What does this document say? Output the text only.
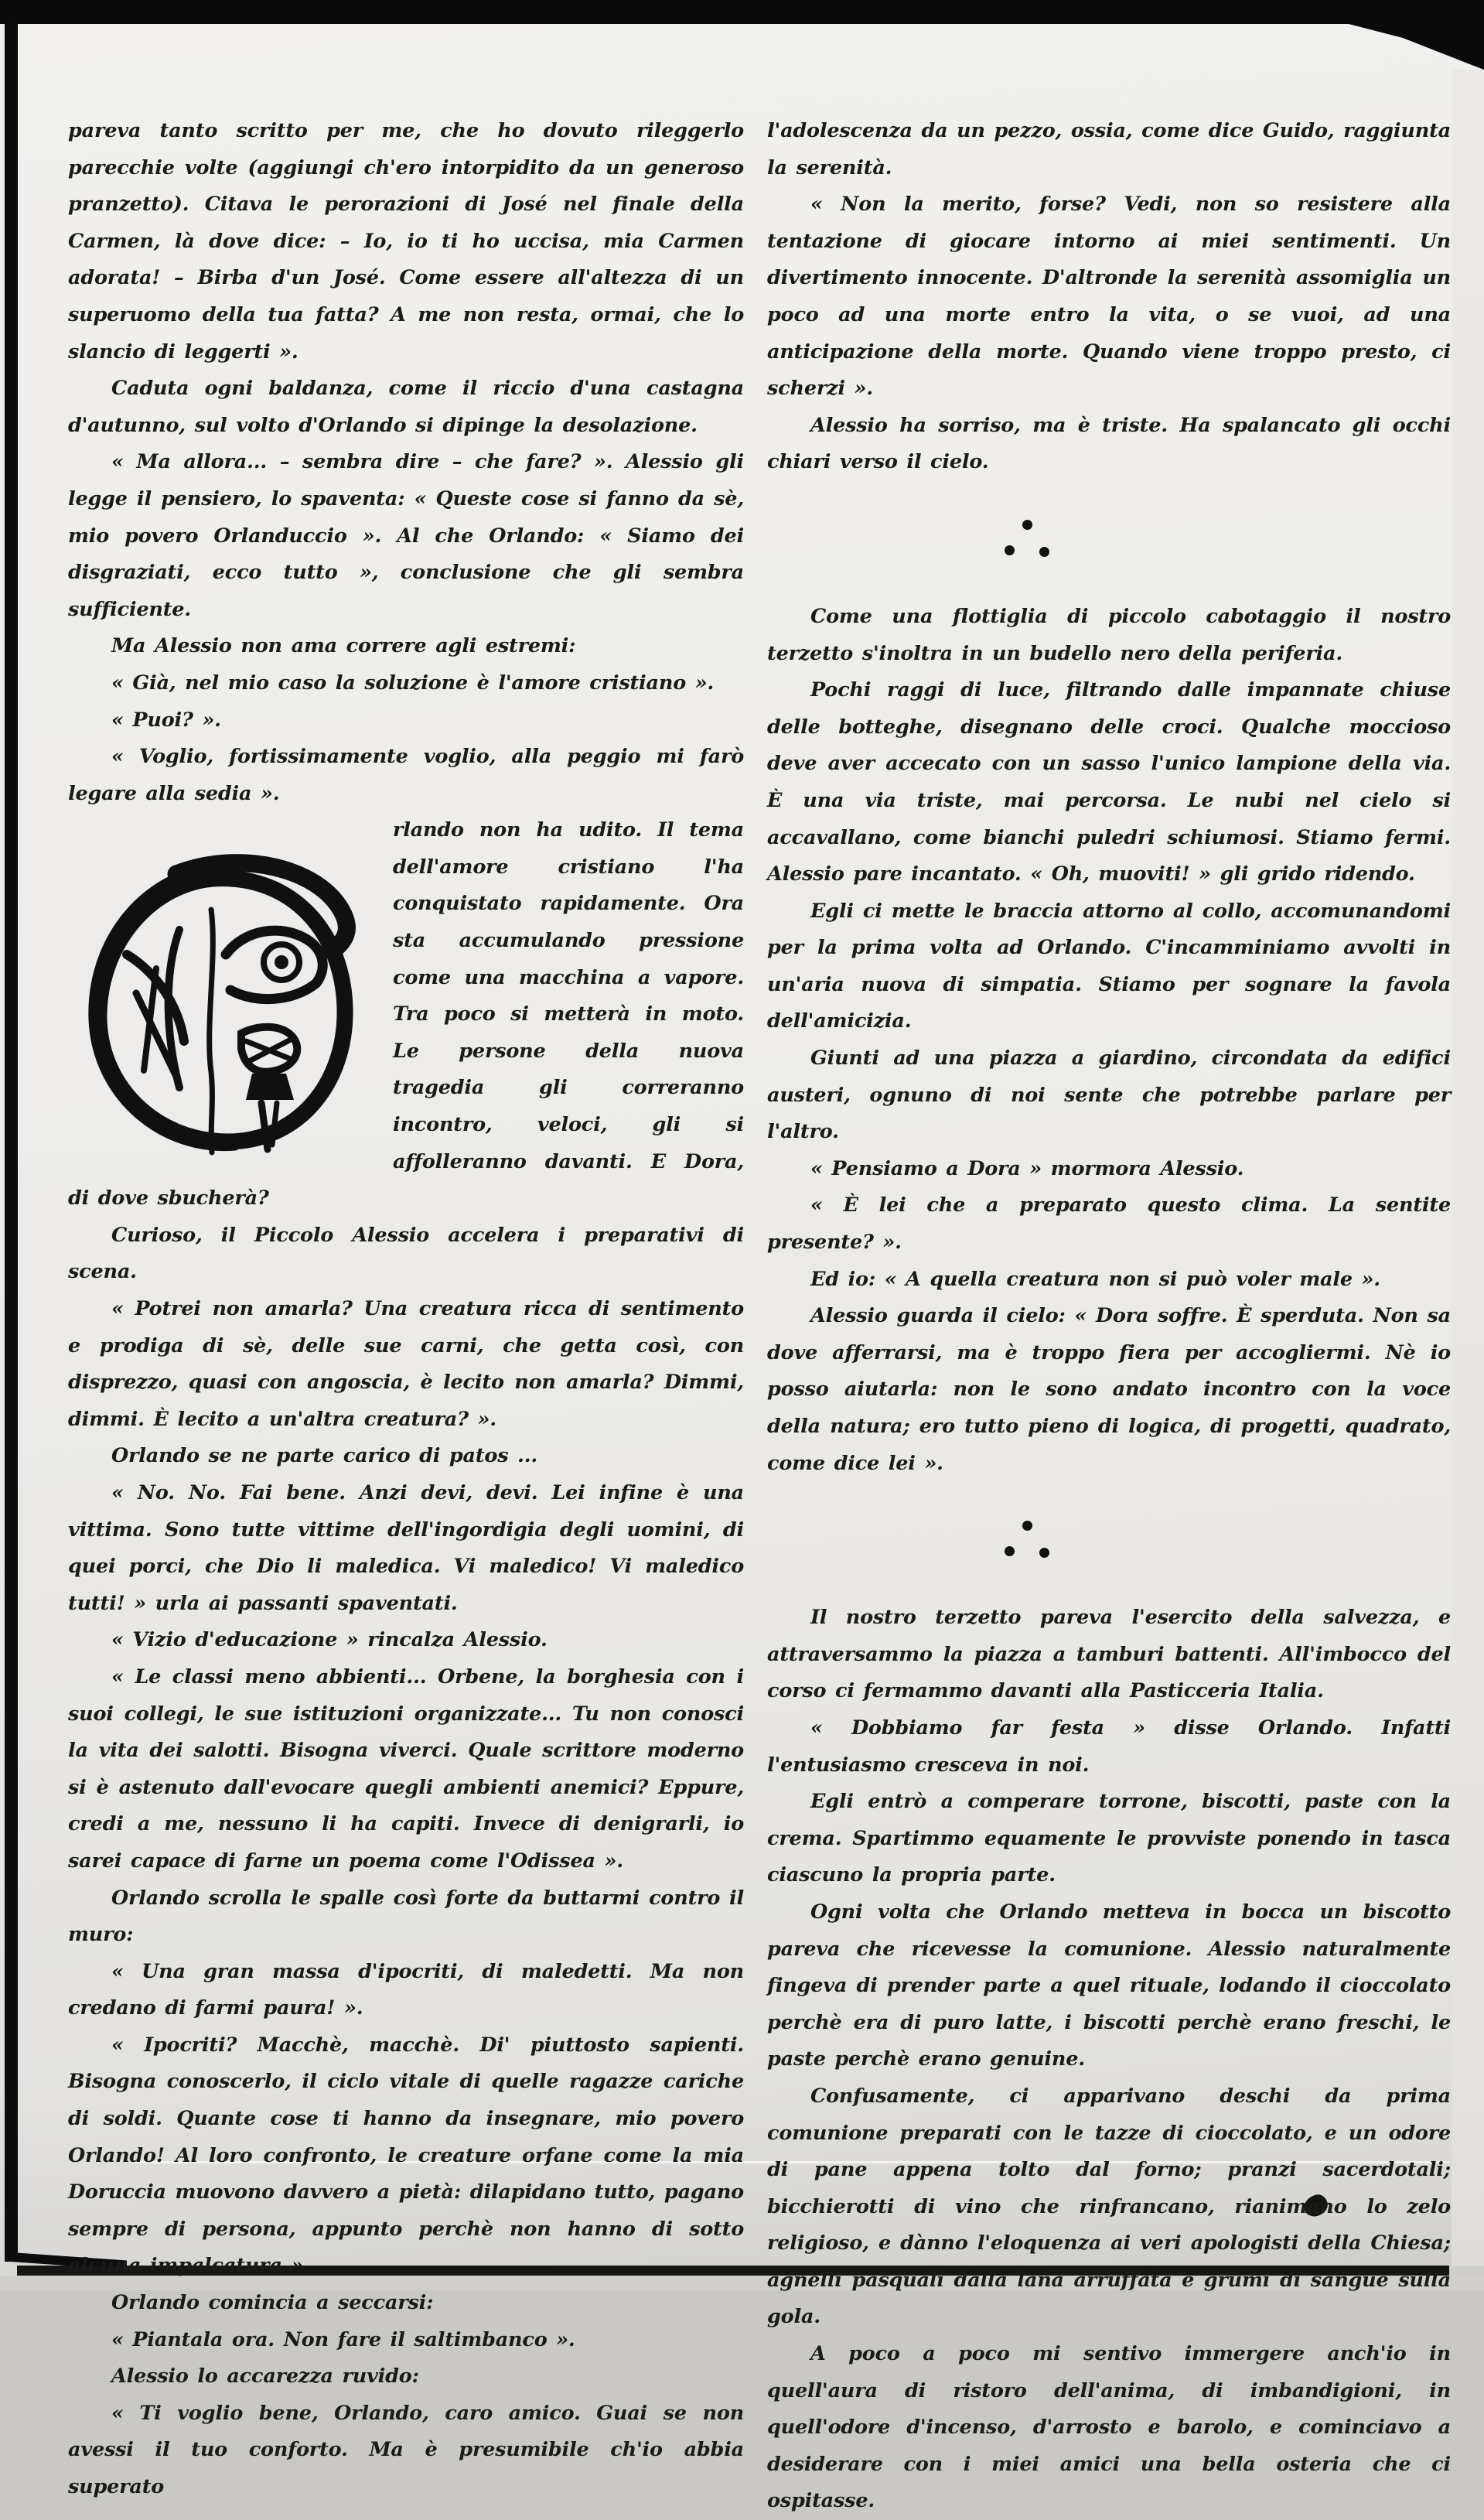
pareva tanto scritto per me, che ho dovuto rileggerlo parecchie volte (aggiungi ch'ero intorpidito da un generoso pranzetto). Citava le perorazioni di José nel finale della Carmen, là dove dice: – Io, io ti ho uccisa, mia Carmen adorata! – Birba d'un José. Come essere all'altezza di un superuomo della tua fatta? A me non resta, ormai, che lo slancio di leggerti ».

Caduta ogni baldanza, come il riccio d'una castagna d'autunno, sul volto d'Orlando si dipinge la desolazione.

« Ma allora... – sembra dire – che fare? ». Alessio gli legge il pensiero, lo spaventa: « Queste cose si fanno da sè, mio povero Orlanduccio ». Al che Orlando: « Siamo dei disgraziati, ecco tutto », conclusione che gli sembra sufficiente.

Ma Alessio non ama correre agli estremi:

« Già, nel mio caso la soluzione è l'amore cristiano ».

« Puoi? ».

« Voglio, fortissimamente voglio, alla peggio mi farò legare alla sedia ».

rlando non ha udito. Il tema dell'amore cristiano l'ha conquistato rapidamente. Ora sta accumulando pressione come una macchina a vapore. Tra poco si metterà in moto. Le persone della nuova tragedia gli correranno incontro, veloci, gli si affolleranno davanti. E Dora, di dove sbucherà?

Curioso, il Piccolo Alessio accelera i preparativi di scena.

« Potrei non amarla? Una creatura ricca di sentimento e prodiga di sè, delle sue carni, che getta così, con disprezzo, quasi con angoscia, è lecito non amarla? Dimmi, dimmi. È lecito a un'altra creatura? ».

Orlando se ne parte carico di patos ...

« No. No. Fai bene. Anzi devi, devi. Lei infine è una vittima. Sono tutte vittime dell'ingordigia degli uomini, di quei porci, che Dio li maledica. Vi maledico! Vi maledico tutti! » urla ai passanti spaventati.

« Vizio d'educazione » rincalza Alessio.

« Le classi meno abbienti... Orbene, la borghesia con i suoi collegi, le sue istituzioni organizzate... Tu non conosci la vita dei salotti. Bisogna viverci. Quale scrittore moderno si è astenuto dall'evocare quegli ambienti anemici? Eppure, credi a me, nessuno li ha capiti. Invece di denigrarli, io sarei capace di farne un poema come l'Odissea ».

Orlando scrolla le spalle così forte da buttarmi contro il muro:

« Una gran massa d'ipocriti, di maledetti. Ma non credano di farmi paura! ».

« Ipocriti? Macchè, macchè. Di' piuttosto sapienti. Bisogna conoscerlo, il ciclo vitale di quelle ragazze cariche di soldi. Quante cose ti hanno da insegnare, mio povero Orlando! Al loro confronto, le creature orfane come la mia Doruccia muovono davvero a pietà: dilapidano tutto, pagano sempre di persona, appunto perchè non hanno di sotto alcuna impalcatura ».

Orlando comincia a seccarsi:

« Piantala ora. Non fare il saltimbanco ».

Alessio lo accarezza ruvido:

« Ti voglio bene, Orlando, caro amico. Guai se non avessi il tuo conforto. Ma è presumibile ch'io abbia superato

l'adolescenza da un pezzo, ossia, come dice Guido, raggiunta la serenità.

« Non la merito, forse? Vedi, non so resistere alla tentazione di giocare intorno ai miei sentimenti. Un divertimento innocente. D'altronde la serenità assomiglia un poco ad una morte entro la vita, o se vuoi, ad una anticipazione della morte. Quando viene troppo presto, ci scherzi ».

Alessio ha sorriso, ma è triste. Ha spalancato gli occhi chiari verso il cielo.

Come una flottiglia di piccolo cabotaggio il nostro terzetto s'inoltra in un budello nero della periferia.

Pochi raggi di luce, filtrando dalle impannate chiuse delle botteghe, disegnano delle croci. Qualche moccioso deve aver accecato con un sasso l'unico lampione della via. È una via triste, mai percorsa. Le nubi nel cielo si accavallano, come bianchi puledri schiumosi. Stiamo fermi. Alessio pare incantato. « Oh, muoviti! » gli grido ridendo.

Egli ci mette le braccia attorno al collo, accomunandomi per la prima volta ad Orlando. C'incamminiamo avvolti in un'aria nuova di simpatia. Stiamo per sognare la favola dell'amicizia.

Giunti ad una piazza a giardino, circondata da edifici austeri, ognuno di noi sente che potrebbe parlare per l'altro.

« Pensiamo a Dora » mormora Alessio.

« È lei che a preparato questo clima. La sentite presente? ».

Ed io: « A quella creatura non si può voler male ».

Alessio guarda il cielo: « Dora soffre. È sperduta. Non sa dove afferrarsi, ma è troppo fiera per accogliermi. Nè io posso aiutarla: non le sono andato incontro con la voce della natura; ero tutto pieno di logica, di progetti, quadrato, come dice lei ».

Il nostro terzetto pareva l'esercito della salvezza, e attraversammo la piazza a tamburi battenti. All'imbocco del corso ci fermammo davanti alla Pasticceria Italia.

« Dobbiamo far festa » disse Orlando. Infatti l'entusiasmo cresceva in noi.

Egli entrò a comperare torrone, biscotti, paste con la crema. Spartimmo equamente le provviste ponendo in tasca ciascuno la propria parte.

Ogni volta che Orlando metteva in bocca un biscotto pareva che ricevesse la comunione. Alessio naturalmente fingeva di prender parte a quel rituale, lodando il cioccolato perchè era di puro latte, i biscotti perchè erano freschi, le paste perchè erano genuine.

Confusamente, ci apparivano deschi da prima comunione preparati con le tazze di cioccolato, e un odore di pane appena tolto dal forno; pranzi sacerdotali; bicchierotti di vino che rinfrancano, rianimano lo zelo religioso, e dànno l'eloquenza ai veri apologisti della Chiesa; agnelli pasquali dalla lana arruffata e grumi di sangue sulla gola.

A poco a poco mi sentivo immergere anch'io in quell'aura di ristoro dell'anima, di imbandigioni, in quell'odore d'incenso, d'arrosto e barolo, e cominciavo a desiderare con i miei amici una bella osteria che ci ospitasse.
